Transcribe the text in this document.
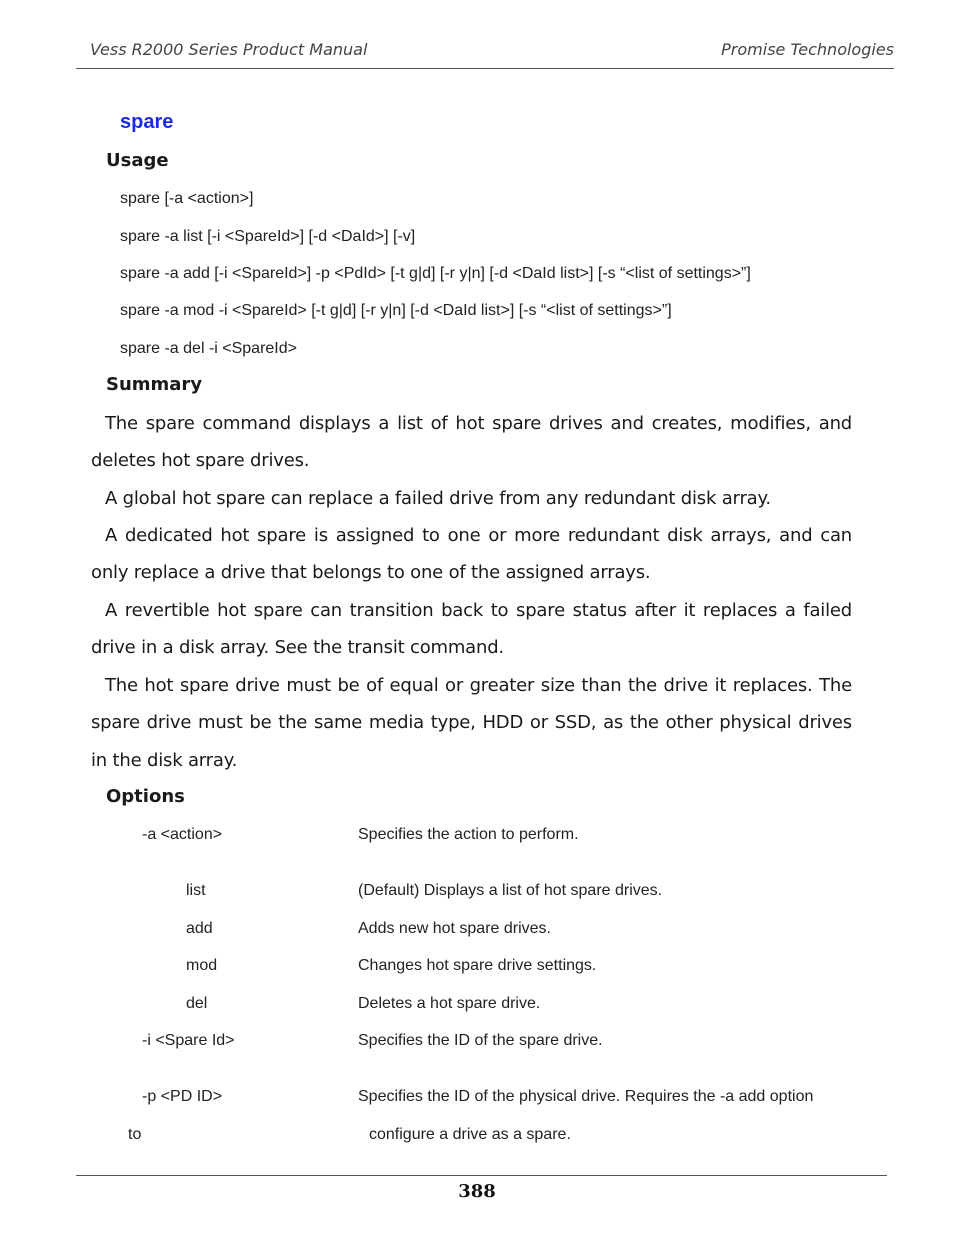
Vess R2000 Series Product Manual	Promise Technologies
spare
Usage
spare [-a <action>]
spare -a list [-i <SpareId>] [-d <DaId>] [-v]
spare -a add [-i <SpareId>] -p <PdId> [-t g|d] [-r y|n] [-d <DaId list>] [-s “<list of settings>”]
spare -a mod -i <SpareId> [-t g|d] [-r y|n] [-d <DaId list>] [-s “<list of settings>”]
spare -a del -i <SpareId>
Summary
The spare command displays a list of hot spare drives and creates, modifies, and deletes hot spare drives.
A global hot spare can replace a failed drive from any redundant disk array.
A dedicated hot spare is assigned to one or more redundant disk arrays, and can only replace a drive that belongs to one of the assigned arrays.
A revertible hot spare can transition back to spare status after it replaces a failed drive in a disk array. See the transit command.
The hot spare drive must be of equal or greater size than the drive it replaces. The spare drive must be the same media type, HDD or SSD, as the other physical drives in the disk array.
Options
-a <action>	Specifies the action to perform.
list	(Default) Displays a list of hot spare drives.
add	Adds new hot spare drives.
mod	Changes hot spare drive settings.
del	Deletes a hot spare drive.
-i <Spare Id>	Specifies the ID of the spare drive.
-p <PD ID>	Specifies the ID of the physical drive. Requires the -a add option
to	configure a drive as a spare.
388
